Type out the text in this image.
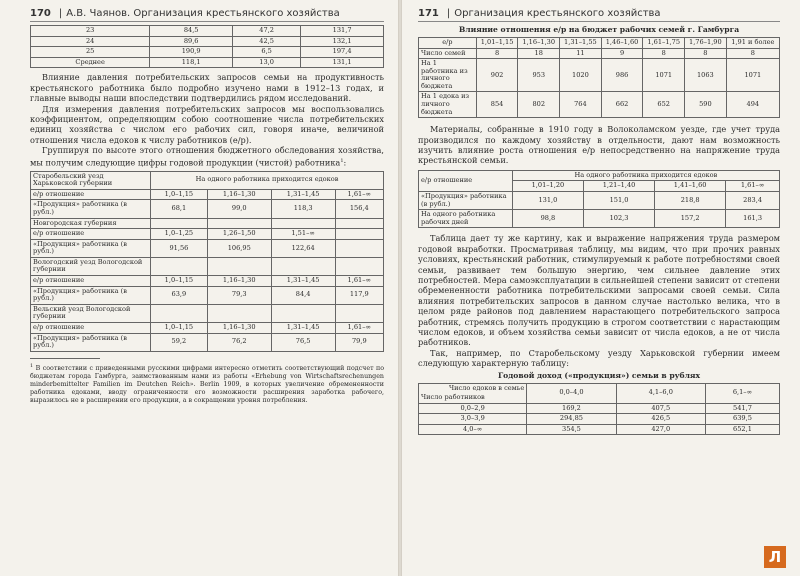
170 | А.В. Чаянов. Организация крестьянского хозяйства
23	84,5	47,2	131,7
24	89,6	42,5	132,1
25	190,9	6,5	197,4
Среднее	118,1	13,0	131,1

Влияние давления потребительских запросов семьи на продуктивность крестьянского работника было подробно изучено нами в 1912–13 годах, и главные выводы наши впоследствии подтвердились рядом исследований.

Для измерения давления потребительских запросов мы воспользовались коэффициентом, определяющим собою соотношение числа потребительских единиц хозяйства с числом его рабочих сил, говоря иначе, величиной отношения числа едоков к числу работников (е/р).

Группируя по высоте этого отношения бюджетного обследования хозяйства, мы получим следующие цифры годовой продукции (чистой) работника$^1$:

Старобельский уезд Харьковской губернии	На одного работника приходится едоков			
е/р отношение	1,0–1,15	1,16–1,30	1,31–1,45	1,61–∞
«Продукция» работника (в рубл.)	68,1	99,0	118,3	156,4
Новгородская губерния				
е/р отношение	1,0–1,25	1,26–1,50	1,51–∞	
«Продукция» работника (в рубл.)	91,56	106,95	122,64	
Вологодский уезд Вологодской губернии				
е/р отношение	1,0–1,15	1,16–1,30	1,31–1,45	1,61–∞
«Продукция» работника (в рубл.)	63,9	79,3	84,4	117,9
Вельский уезд Вологодской губернии				
е/р отношение	1,0–1,15	1,16–1,30	1,31–1,45	1,61–∞
«Продукция» работника (в рубл.)	59,2	76,2	76,5	79,9

$^1$ В соответствии с приведенными русскими цифрами интересно отметить соответствующий подсчет по бюджетам города Гамбурга, заимствованным нами из работы «Erhebung von Wirtschaftsrechenungen minderbemittelter Familien im Deutchen Reich». Berlin 1909, в которых увеличение обремененности работника едоками, вводу ограниченности его возможности расширения заработка рабочего, выразилось не в расширении его продукции, а в сокращении уровня потребления.

171 | Организация крестьянского хозяйства
Влияние отношения е/р на бюджет рабочих семей г. Гамбурга
е/р	1,01–1,15	1,16–1,30	1,31–1,55	1,46–1,60	1,61–1,75	1,76–1,90	1,91 и более
Число семей	8	18	11	9	8	8	8
На 1 работника из личного бюджета	902	953	1020	986	1071	1063	1071
На 1 едока из личного бюджета	854	802	764	662	652	590	494

Материалы, собранные в 1910 году в Волоколамском уезде, где учет труда производился по каждому хозяйству в отдельности, дают нам возможность изучить влияние роста отношения е/р непосредственно на напряжение труда крестьянской семьи.

е/р отношение	На одного работника приходится едоков			
	1,01–1,20	1,21–1,40	1,41–1,60	1,61–∞
«Продукция» работника (в рубл.)	131,0	151,0	218,8	283,4
На одного работника рабочих дней	98,8	102,3	157,2	161,3

Таблица дает ту же картину, как и выражение напряжения труда размером годовой выработки. Просматривая таблицу, мы видим, что при прочих равных условиях, крестьянский работник, стимулируемый к работе потребностями своей семьи, развивает тем большую энергию, чем сильнее давление этих потребностей. Мера самоэксплуатации в сильнейшей степени зависит от степени обремененности работника потребительскими запросами своей семьи. Сила влияния потребительских запросов в данном случае настолько велика, что в целом ряде районов под давлением нарастающего потребительского запроса работник, стремясь получить продукцию в строгом соответствии с нарастающим числом едоков, и объем хозяйства семьи зависит от числа едоков, а не от числа работников.

Так, например, по Старобельскому уезду Харьковской губернии имеем следующую характерную таблицу:

Годовой доход («продукция») семьи в рублях
Число едоков в семье
Число работников	0,0–4,0	4,1–6,0	6,1–∞
0,0–2,9	169,2	407,5	541,7
3,0–3,9	294,85	426,5	639,5
4,0–∞	354,5	427,0	652,1
Л
